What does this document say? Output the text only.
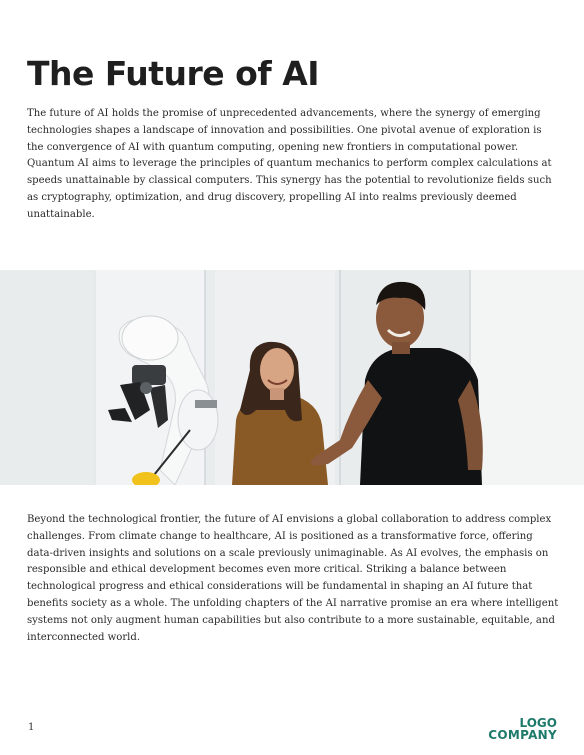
The Future of AI

The future of AI holds the promise of unprecedented advancements, where the synergy of emerging technologies shapes a landscape of innovation and possibilities. One pivotal avenue of exploration is the convergence of AI with quantum computing, opening new frontiers in computational power. Quantum AI aims to leverage the principles of quantum mechanics to perform complex calculations at speeds unattainable by classical computers. This synergy has the potential to revolutionize fields such as cryptography, optimization, and drug discovery, propelling AI into realms previously deemed unattainable.

Beyond the technological frontier, the future of AI envisions a global collaboration to address complex challenges. From climate change to healthcare, AI is positioned as a transformative force, offering data-driven insights and solutions on a scale previously unimaginable. As AI evolves, the emphasis on responsible and ethical development becomes even more critical. Striking a balance between technological progress and ethical considerations will be fundamental in shaping an AI future that benefits society as a whole. The unfolding chapters of the AI narrative promise an era where intelligent systems not only augment human capabilities but also contribute to a more sustainable, equitable, and interconnected world.

1	LOGO
COMPANY
